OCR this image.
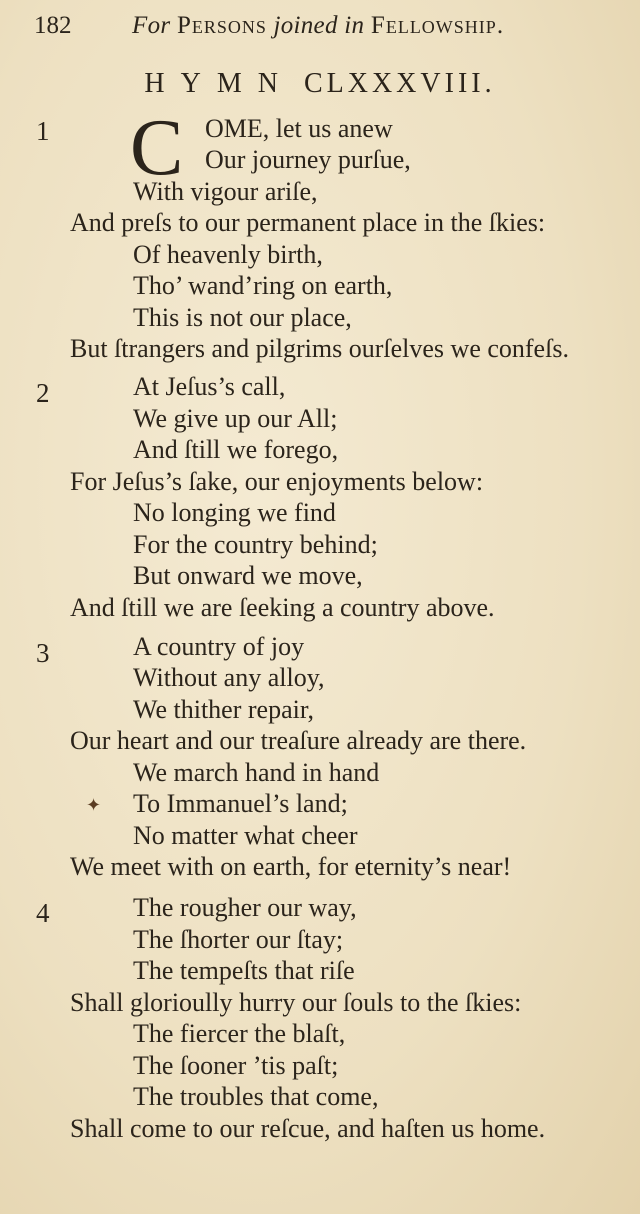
182 For Persons joined in Fellowship.
HYMN CLXXXVIII.
1 C OME, let us anew
Our journey purſue,
With vigour ariſe,
And preſs to our permanent place in the ſkies:
Of heavenly birth,
Tho’ wand’ring on earth,
This is not our place,
But ſtrangers and pilgrims ourſelves we confeſs.
2	At Jeſus’s call,
We give up our All;
And ſtill we forego,
For Jeſus’s ſake, our enjoyments below:
No longing we find
For the country behind;
But onward we move,
And ſtill we are ſeeking a country above.
3	A country of joy
Without any alloy,
We thither repair,
Our heart and our treaſure already are there.
We march hand in hand
✦ To Immanuel’s land;
No matter what cheer
We meet with on earth, for eternity’s near!
4	The rougher our way,
The ſhorter our ſtay;
The tempeſts that riſe
Shall glorioully hurry our ſouls to the ſkies:
The fiercer the blaſt,
The ſooner ’tis paſt;
The troubles that come,
Shall come to our reſcue, and haſten us home.
